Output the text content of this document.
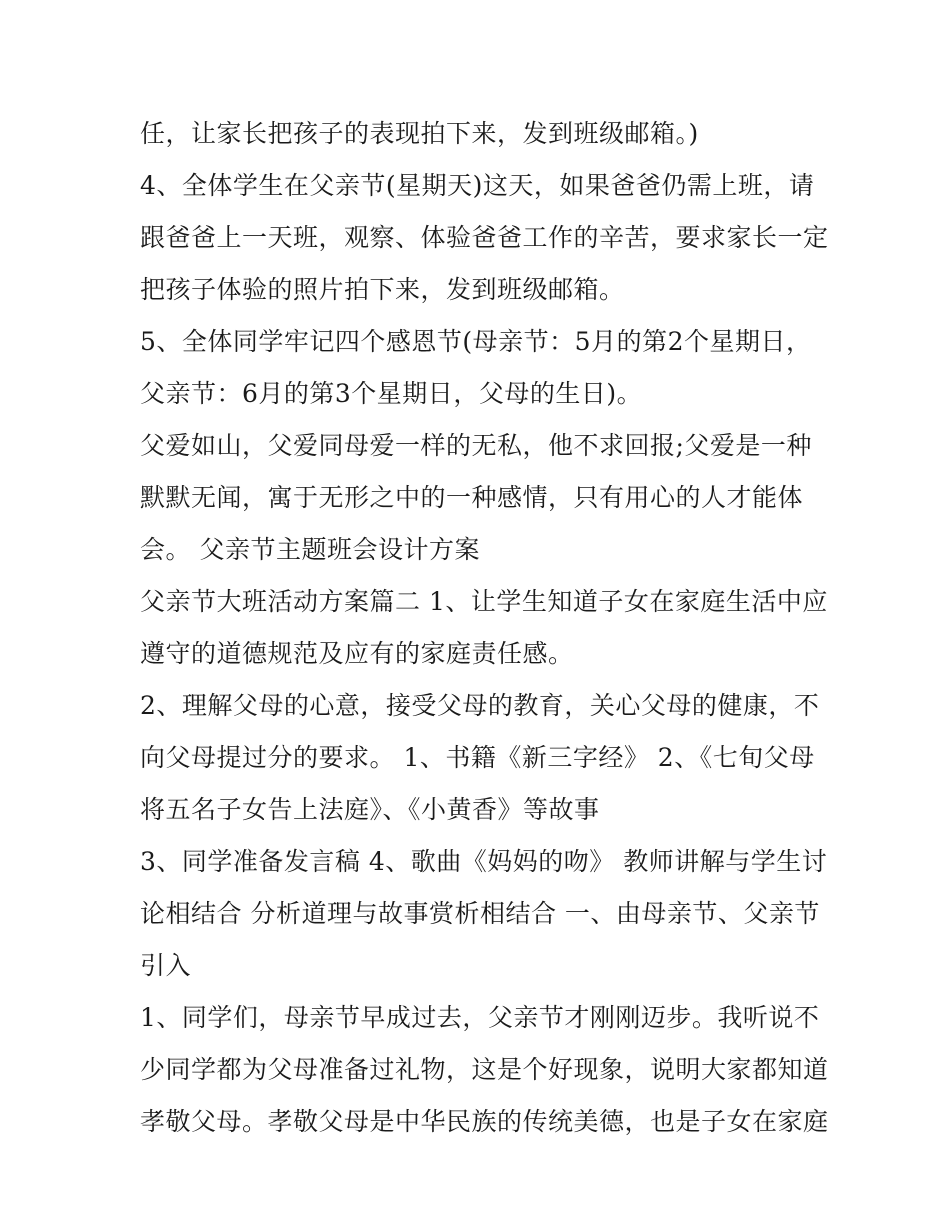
任，让家长把孩子的表现拍下来，发到班级邮箱。)
4、全体学生在父亲节(星期天)这天，如果爸爸仍需上班，请
跟爸爸上一天班，观察、体验爸爸工作的辛苦，要求家长一定
把孩子体验的照片拍下来，发到班级邮箱。
5、全体同学牢记四个感恩节(母亲节：5月的第2个星期日，
父亲节：6月的第3个星期日，父母的生日)。
父爱如山，父爱同母爱一样的无私，他不求回报;父爱是一种
默默无闻，寓于无形之中的一种感情，只有用心的人才能体
会。 父亲节主题班会设计方案
父亲节大班活动方案篇二 1、让学生知道子女在家庭生活中应
遵守的道德规范及应有的家庭责任感。
2、理解父母的心意，接受父母的教育，关心父母的健康，不
向父母提过分的要求。 1、书籍《新三字经》 2、《七旬父母
将五名子女告上法庭》、《小黄香》等故事
3、同学准备发言稿 4、歌曲《妈妈的吻》 教师讲解与学生讨
论相结合 分析道理与故事赏析相结合 一、由母亲节、父亲节
引入
1、同学们，母亲节早成过去，父亲节才刚刚迈步。我听说不
少同学都为父母准备过礼物，这是个好现象，说明大家都知道
孝敬父母。孝敬父母是中华民族的传统美德，也是子女在家庭
